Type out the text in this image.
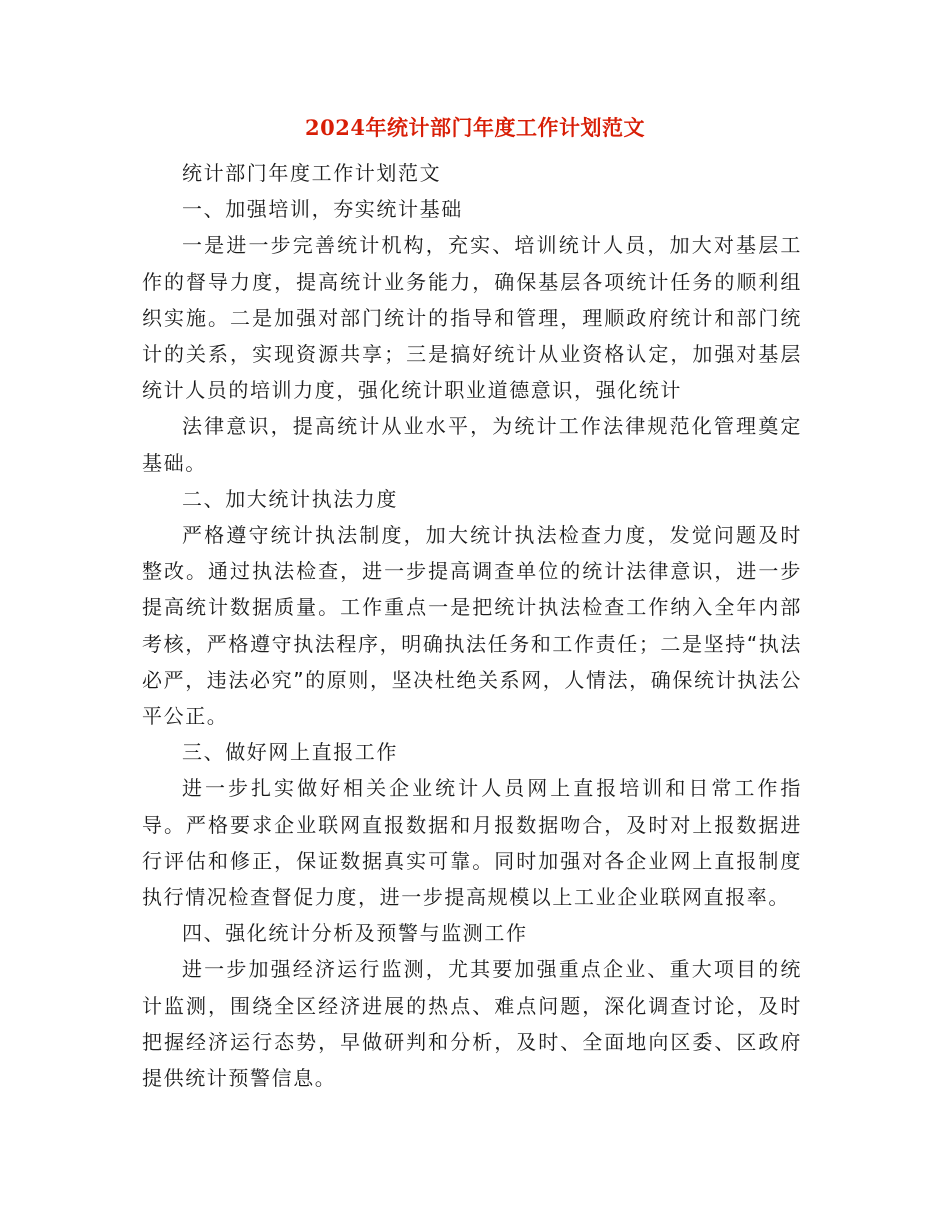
2024年统计部门年度工作计划范文

统计部门年度工作计划范文

一、加强培训，夯实统计基础

一是进一步完善统计机构，充实、培训统计人员，加大对基层工作的督导力度，提高统计业务能力，确保基层各项统计任务的顺利组织实施。二是加强对部门统计的指导和管理，理顺政府统计和部门统计的关系，实现资源共享；三是搞好统计从业资格认定，加强对基层统计人员的培训力度，强化统计职业道德意识，强化统计

法律意识，提高统计从业水平，为统计工作法律规范化管理奠定基础。

二、加大统计执法力度

严格遵守统计执法制度，加大统计执法检查力度，发觉问题及时整改。通过执法检查，进一步提高调查单位的统计法律意识，进一步提高统计数据质量。工作重点一是把统计执法检查工作纳入全年内部考核，严格遵守执法程序，明确执法任务和工作责任；二是坚持“执法必严，违法必究”的原则，坚决杜绝关系网，人情法，确保统计执法公平公正。

三、做好网上直报工作

进一步扎实做好相关企业统计人员网上直报培训和日常工作指导。严格要求企业联网直报数据和月报数据吻合，及时对上报数据进行评估和修正，保证数据真实可靠。同时加强对各企业网上直报制度执行情况检查督促力度，进一步提高规模以上工业企业联网直报率。

四、强化统计分析及预警与监测工作

进一步加强经济运行监测，尤其要加强重点企业、重大项目的统计监测，围绕全区经济进展的热点、难点问题，深化调查讨论，及时把握经济运行态势，早做研判和分析，及时、全面地向区委、区政府提供统计预警信息。
